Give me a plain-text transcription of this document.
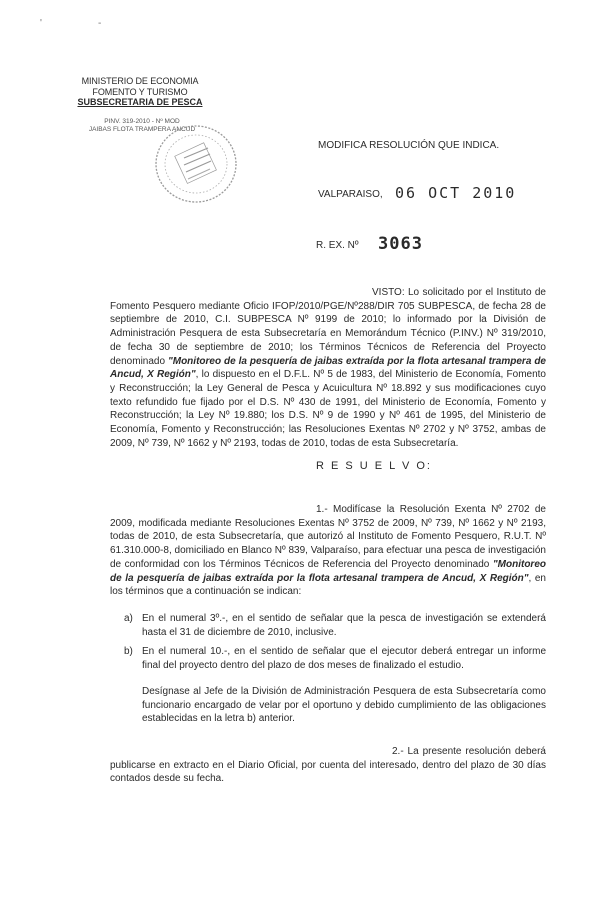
'	-
MINISTERIO DE ECONOMIA
FOMENTO Y TURISMO
SUBSECRETARIA DE PESCA
PINV. 319-2010 - Nº MOD
JAIBAS FLOTA TRAMPERA ANCUD
MODIFICA RESOLUCIÓN QUE INDICA.
VALPARAISO, 06 OCT 2010
R. EX. Nº 3063
VISTO: Lo solicitado por el Instituto de Fomento Pesquero mediante Oficio IFOP/2010/PGE/Nº288/DIR 705 SUBPESCA, de fecha 28 de septiembre de 2010, C.I. SUBPESCA Nº 9199 de 2010; lo informado por la División de Administración Pesquera de esta Subsecretaría en Memorándum Técnico (P.INV.) Nº 319/2010, de fecha 30 de septiembre de 2010; los Términos Técnicos de Referencia del Proyecto denominado "Monitoreo de la pesquería de jaibas extraída por la flota artesanal trampera de Ancud, X Región", lo dispuesto en el D.F.L. Nº 5 de 1983, del Ministerio de Economía, Fomento y Reconstrucción; la Ley General de Pesca y Acuicultura Nº 18.892 y sus modificaciones cuyo texto refundido fue fijado por el D.S. Nº 430 de 1991, del Ministerio de Economía, Fomento y Reconstrucción; la Ley Nº 19.880; los D.S. Nº 9 de 1990 y Nº 461 de 1995, del Ministerio de Economía, Fomento y Reconstrucción; las Resoluciones Exentas Nº 2702 y Nº 3752, ambas de 2009, Nº 739, Nº 1662 y Nº 2193, todas de 2010, todas de esta Subsecretaría.
R E S U E L V O:
1.- Modifícase la Resolución Exenta Nº 2702 de 2009, modificada mediante Resoluciones Exentas Nº 3752 de 2009, Nº 739, Nº 1662 y Nº 2193, todas de 2010, de esta Subsecretaría, que autorizó al Instituto de Fomento Pesquero, R.U.T. Nº 61.310.000-8, domiciliado en Blanco Nº 839, Valparaíso, para efectuar una pesca de investigación de conformidad con los Términos Técnicos de Referencia del Proyecto denominado "Monitoreo de la pesquería de jaibas extraída por la flota artesanal trampera de Ancud, X Región", en los términos que a continuación se indican:
a) En el numeral 3º.-, en el sentido de señalar que la pesca de investigación se extenderá hasta el 31 de diciembre de 2010, inclusive.
b) En el numeral 10.-, en el sentido de señalar que el ejecutor deberá entregar un informe final del proyecto dentro del plazo de dos meses de finalizado el estudio.
Desígnase al Jefe de la División de Administración Pesquera de esta Subsecretaría como funcionario encargado de velar por el oportuno y debido cumplimiento de las obligaciones establecidas en la letra b) anterior.
2.- La presente resolución deberá publicarse en extracto en el Diario Oficial, por cuenta del interesado, dentro del plazo de 30 días contados desde su fecha.
